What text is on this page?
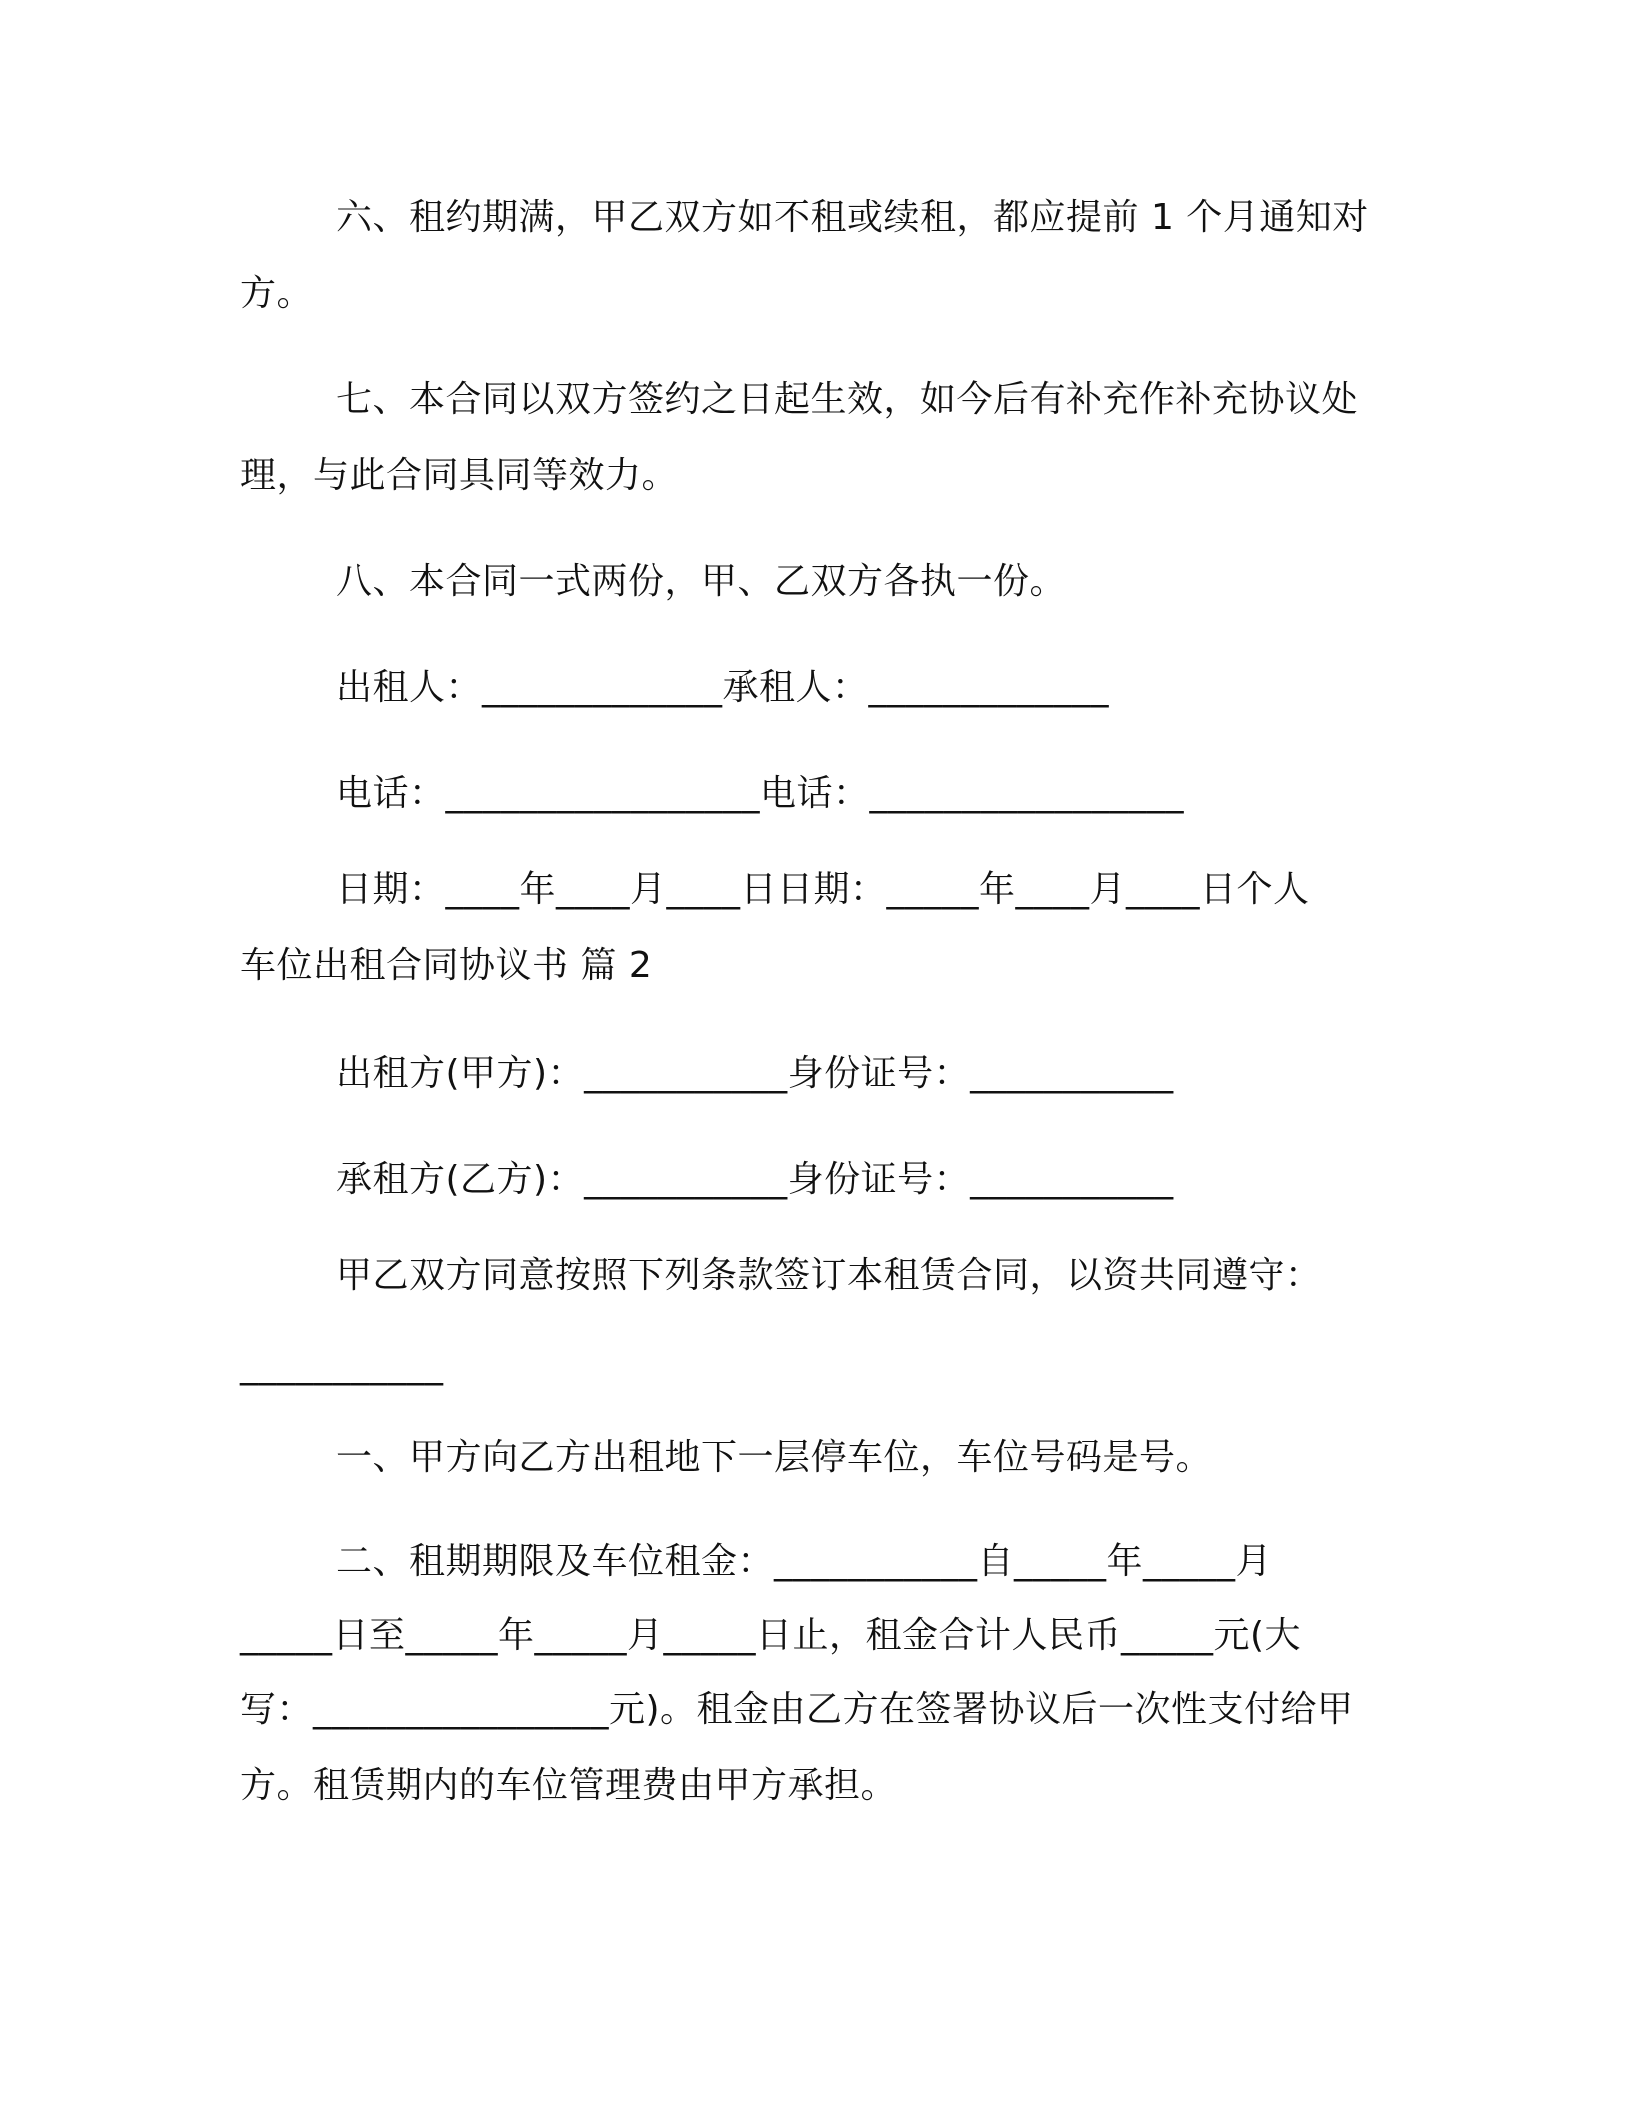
六、租约期满，甲乙双方如不租或续租，都应提前 1 个月通知对
方。
七、本合同以双方签约之日起生效，如今后有补充作补充协议处
理，与此合同具同等效力。
八、本合同一式两份，甲、乙双方各执一份。
出租人：_____________承租人：_____________
电话：_________________电话：_________________
日期：____年____月____日日期：_____年____月____日个人
车位出租合同协议书 篇 2
出租方(甲方)：___________身份证号：___________
承租方(乙方)：___________身份证号：___________
甲乙双方同意按照下列条款签订本租赁合同，以资共同遵守：
___________
一、甲方向乙方出租地下一层停车位，车位号码是号。
二、租期期限及车位租金：___________自_____年_____月
_____日至_____年_____月_____日止，租金合计人民币_____元(大
写：________________元)。租金由乙方在签署协议后一次性支付给甲
方。租赁期内的车位管理费由甲方承担。
